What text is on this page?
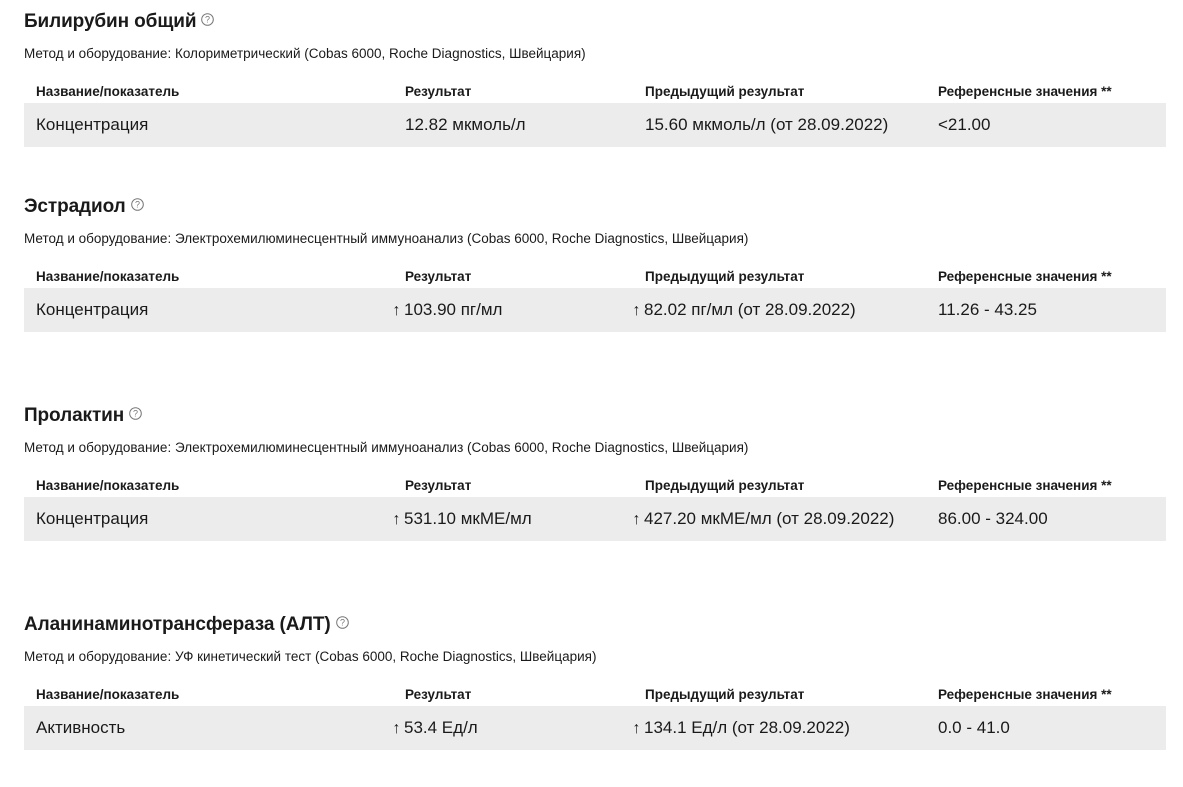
Билирубин общий ?
Метод и оборудование: Колориметрический (Cobas 6000, Roche Diagnostics, Швейцария)
Название/показатель	Результат	Предыдущий результат	Референсные значения **
Концентрация	12.82 мкмоль/л	15.60 мкмоль/л (от 28.09.2022)	<21.00
Эстрадиол ?
Метод и оборудование: Электрохемилюминесцентный иммуноанализ (Cobas 6000, Roche Diagnostics, Швейцария)
Название/показатель	Результат	Предыдущий результат	Референсные значения **
Концентрация	↑ 103.90 пг/мл	↑ 82.02 пг/мл (от 28.09.2022)	11.26 - 43.25
Пролактин ?
Метод и оборудование: Электрохемилюминесцентный иммуноанализ (Cobas 6000, Roche Diagnostics, Швейцария)
Название/показатель	Результат	Предыдущий результат	Референсные значения **
Концентрация	↑ 531.10 мкМЕ/мл	↑ 427.20 мкМЕ/мл (от 28.09.2022)	86.00 - 324.00
Аланинаминотрансфераза (АЛТ) ?
Метод и оборудование: УФ кинетический тест (Cobas 6000, Roche Diagnostics, Швейцария)
Название/показатель	Результат	Предыдущий результат	Референсные значения **
Активность	↑ 53.4 Ед/л	↑ 134.1 Ед/л (от 28.09.2022)	0.0 - 41.0
